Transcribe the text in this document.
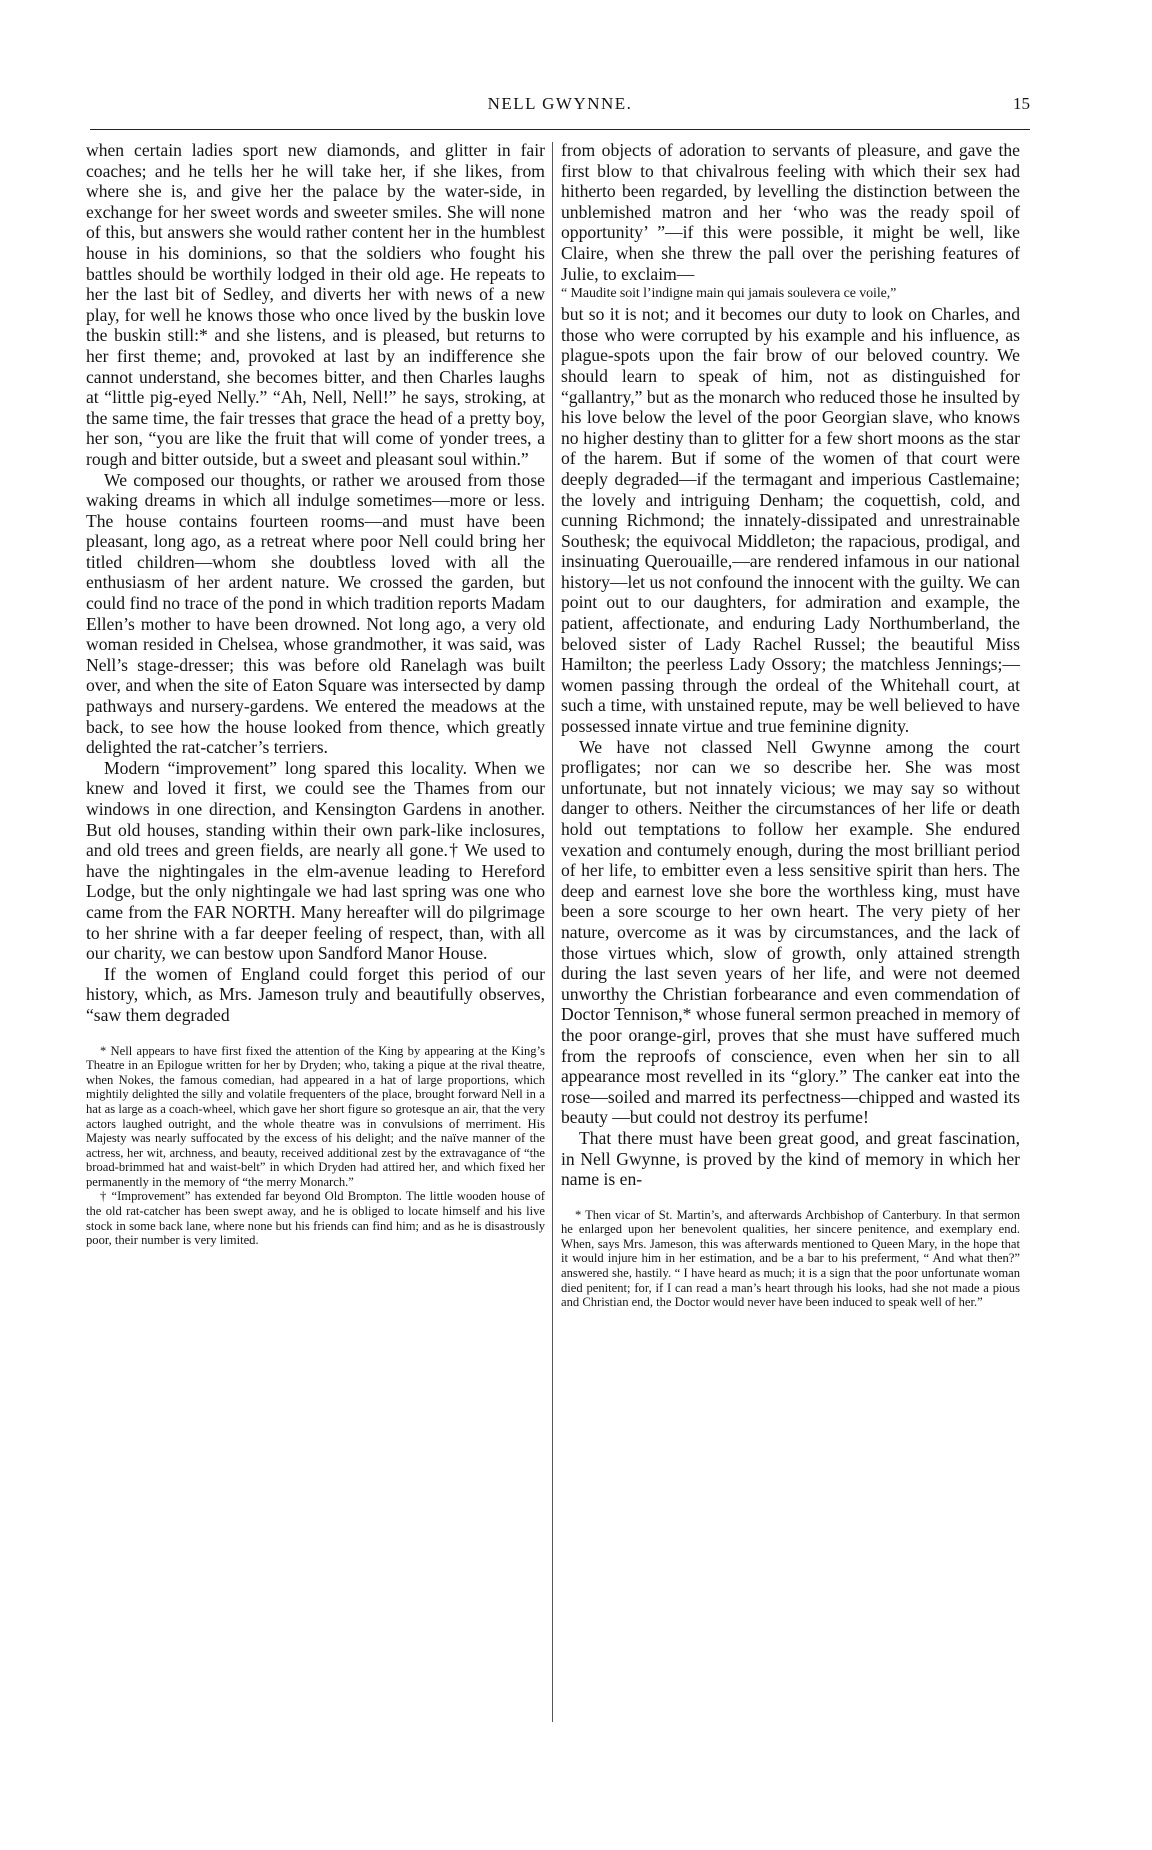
NELL GWYNNE.	15

when certain ladies sport new diamonds, and glitter in fair coaches; and he tells her he will take her, if she likes, from where she is, and give her the palace by the water-side, in exchange for her sweet words and sweeter smiles. She will none of this, but answers she would rather content her in the humblest house in his dominions, so that the soldiers who fought his battles should be worthily lodged in their old age. He repeats to her the last bit of Sedley, and diverts her with news of a new play, for well he knows those who once lived by the buskin love the buskin still:* and she listens, and is pleased, but returns to her first theme; and, provoked at last by an indifference she cannot understand, she becomes bitter, and then Charles laughs at “little pig-eyed Nelly.” “Ah, Nell, Nell!” he says, stroking, at the same time, the fair tresses that grace the head of a pretty boy, her son, “you are like the fruit that will come of yonder trees, a rough and bitter outside, but a sweet and pleasant soul within.”

We composed our thoughts, or rather we aroused from those waking dreams in which all indulge sometimes—more or less. The house contains fourteen rooms—and must have been pleasant, long ago, as a retreat where poor Nell could bring her titled children—whom she doubtless loved with all the enthusiasm of her ardent nature. We crossed the garden, but could find no trace of the pond in which tradition reports Madam Ellen’s mother to have been drowned. Not long ago, a very old woman resided in Chelsea, whose grandmother, it was said, was Nell’s stage-dresser; this was before old Ranelagh was built over, and when the site of Eaton Square was intersected by damp pathways and nursery-gardens. We entered the meadows at the back, to see how the house looked from thence, which greatly delighted the rat-catcher’s terriers.

Modern “improvement” long spared this locality. When we knew and loved it first, we could see the Thames from our windows in one direction, and Kensington Gardens in another. But old houses, standing within their own park-like inclosures, and old trees and green fields, are nearly all gone.† We used to have the nightingales in the elm-avenue leading to Hereford Lodge, but the only nightingale we had last spring was one who came from the FAR NORTH. Many hereafter will do pilgrimage to her shrine with a far deeper feeling of respect, than, with all our charity, we can bestow upon Sandford Manor House.

If the women of England could forget this period of our history, which, as Mrs. Jameson truly and beautifully observes, “saw them degraded

* Nell appears to have first fixed the attention of the King by appearing at the King’s Theatre in an Epilogue written for her by Dryden; who, taking a pique at the rival theatre, when Nokes, the famous comedian, had appeared in a hat of large proportions, which mightily delighted the silly and volatile frequenters of the place, brought forward Nell in a hat as large as a coach-wheel, which gave her short figure so grotesque an air, that the very actors laughed outright, and the whole theatre was in convulsions of merriment. His Majesty was nearly suffocated by the excess of his delight; and the naïve manner of the actress, her wit, archness, and beauty, received additional zest by the extravagance of “the broad-brimmed hat and waist-belt” in which Dryden had attired her, and which fixed her permanently in the memory of “the merry Monarch.”

† “Improvement” has extended far beyond Old Brompton. The little wooden house of the old rat-catcher has been swept away, and he is obliged to locate himself and his live stock in some back lane, where none but his friends can find him; and as he is disastrously poor, their number is very limited.

from objects of adoration to servants of pleasure, and gave the first blow to that chivalrous feeling with which their sex had hitherto been regarded, by levelling the distinction between the unblemished matron and her ‘who was the ready spoil of opportunity’ ”—if this were possible, it might be well, like Claire, when she threw the pall over the perishing features of Julie, to exclaim—

“ Maudite soit l’indigne main qui jamais soulevera ce voile,”

but so it is not; and it becomes our duty to look on Charles, and those who were corrupted by his example and his influence, as plague-spots upon the fair brow of our beloved country. We should learn to speak of him, not as distinguished for “gallantry,” but as the monarch who reduced those he insulted by his love below the level of the poor Georgian slave, who knows no higher destiny than to glitter for a few short moons as the star of the harem. But if some of the women of that court were deeply degraded—if the termagant and imperious Castlemaine; the lovely and intriguing Denham; the coquettish, cold, and cunning Richmond; the innately-dissipated and unrestrainable Southesk; the equivocal Middleton; the rapacious, prodigal, and insinuating Querouaille,—are rendered infamous in our national history—let us not confound the innocent with the guilty. We can point out to our daughters, for admiration and example, the patient, affectionate, and enduring Lady Northumberland, the beloved sister of Lady Rachel Russel; the beautiful Miss Hamilton; the peerless Lady Ossory; the matchless Jennings;—women passing through the ordeal of the Whitehall court, at such a time, with unstained repute, may be well believed to have possessed innate virtue and true feminine dignity.

We have not classed Nell Gwynne among the court profligates; nor can we so describe her. She was most unfortunate, but not innately vicious; we may say so without danger to others. Neither the circumstances of her life or death hold out temptations to follow her example. She endured vexation and contumely enough, during the most brilliant period of her life, to embitter even a less sensitive spirit than hers. The deep and earnest love she bore the worthless king, must have been a sore scourge to her own heart. The very piety of her nature, overcome as it was by circumstances, and the lack of those virtues which, slow of growth, only attained strength during the last seven years of her life, and were not deemed unworthy the Christian forbearance and even commendation of Doctor Tennison,* whose funeral sermon preached in memory of the poor orange-girl, proves that she must have suffered much from the reproofs of conscience, even when her sin to all appearance most revelled in its “glory.” The canker eat into the rose—soiled and marred its perfectness—chipped and wasted its beauty —but could not destroy its perfume!

That there must have been great good, and great fascination, in Nell Gwynne, is proved by the kind of memory in which her name is en-

* Then vicar of St. Martin’s, and afterwards Archbishop of Canterbury. In that sermon he enlarged upon her benevolent qualities, her sincere penitence, and exemplary end. When, says Mrs. Jameson, this was afterwards mentioned to Queen Mary, in the hope that it would injure him in her estimation, and be a bar to his preferment, “ And what then?” answered she, hastily. “ I have heard as much; it is a sign that the poor unfortunate woman died penitent; for, if I can read a man’s heart through his looks, had she not made a pious and Christian end, the Doctor would never have been induced to speak well of her.”
